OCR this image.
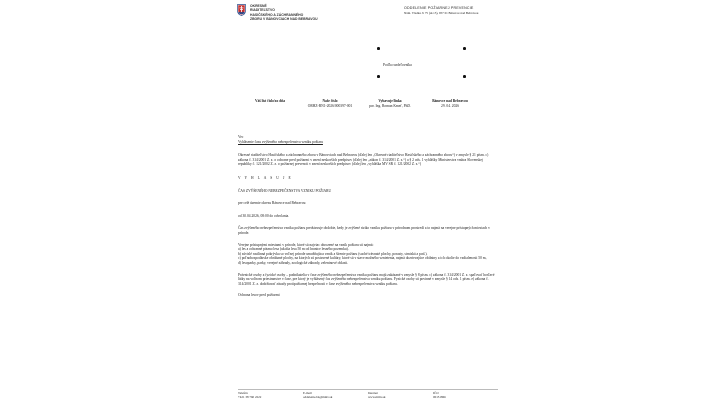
OKRESNÉ
RIADITEĽSTVO
HASIČSKÉHO A ZÁCHRANNÉHO
ZBORU V BÁNOVCIACH NAD BEBRAVOU
ODDELENIE POŽIARNEJ PREVENCIE
Nám. Vladka Jr 75 (ul.15), 957 01 Bánovce nad Bebravou
Podľa rozdeľovníka
Váš list číslo/zo dňa	Naše číslo
ORHZ-BN1-2026/000397-001
Vybavuje/linka
por. Ing. Roman Kmeť, PhD.
Bánovce nad Bebravou
29. 04. 2026

Vec

Vyhlásenie času zvýšeného nebezpečenstva vzniku požiaru

Okresné riaditeľstvo Hasičského a záchranného zboru v Bánovciach nad Bebravou (ďalej len „Okresné riaditeľstvo Hasičského a záchranného zboru“) v zmysle § 21 písm. c) zákona č. 314/2001 Z. z. o ochrane pred požiarmi v znení neskorších predpisov (ďalej len „zákon č. 314/2001 Z. z.“) a § 2 ods. 1 vyhlášky Ministerstva vnútra Slovenskej republiky č. 121/2002 Z. z. o požiarnej prevencii v znení neskorších predpisov (ďalej len „vyhláška MV SR č. 121/2002 Z. z.“)

V Y H L A S U J E

ČAS ZVÝŠENÉHO NEBEZPEČENSTVA VZNIKU POŽIARU

pre celé územie okresu Bánovce nad Bebravou

od 30.04.2026, 08:00 do odvolania.

Čas zvýšeného nebezpečenstva vzniku požiaru predstavuje obdobie, kedy je zvýšené riziko vzniku požiaru v prírodnom prostredí a to najmä na verejne prístupných miestach v prírode.

Verejne prístupnými miestami v prírode, ktoré sú najviac ohrozené na vznik požiaru sú najmä:

a) les a ochranné pásmo lesa (ukolia lesa 50 m od hranice lesného pozemku).

b) súvislé rastlinná pokrývka so voľnej prírode umožňujúca vznik a šírenie požiaru (suché trávnaté plochy, porasty, strniská a pod.).

c) poľnohospodárske obrábané plochy, na ktorých sú postavené kultúry, ktoré sú v stave možného vznietenia, najmä dozrievajúce obilniny a ich okolie do vzdialenosti 50 m,

d) lesoparky, parky, verejné záhrady, zoologické záhrady, zeleninové oblasti.

Právnické osoby a fyzické osoby – podnikatelia v čase zvýšeného nebezpečenstva vzniku požiaru majú zakázané v zmysle § 8 písm. c) zákona č. 314/2001 Z. z. spaľovať horľavé látky na voľnom priestranstve v čase, pre ktorý je vyhlásený čas zvýšeného nebezpečenstva vzniku požiaru. Fyzické osoby sú povinné v zmysle § 14 ods. 1 písm. e) zákona č. 314/2001 Z. z. dodržiavať zásady protipožiarnej bezpečnosti v čase zvýšeného nebezpečenstva vzniku požiaru.

Ochrana lesov pred požiarmi

Telefón
+421 38 760 2222
E-mail
oddelenie.bn@minv.sk
Internet
www.minv.sk
IČO
00151866
